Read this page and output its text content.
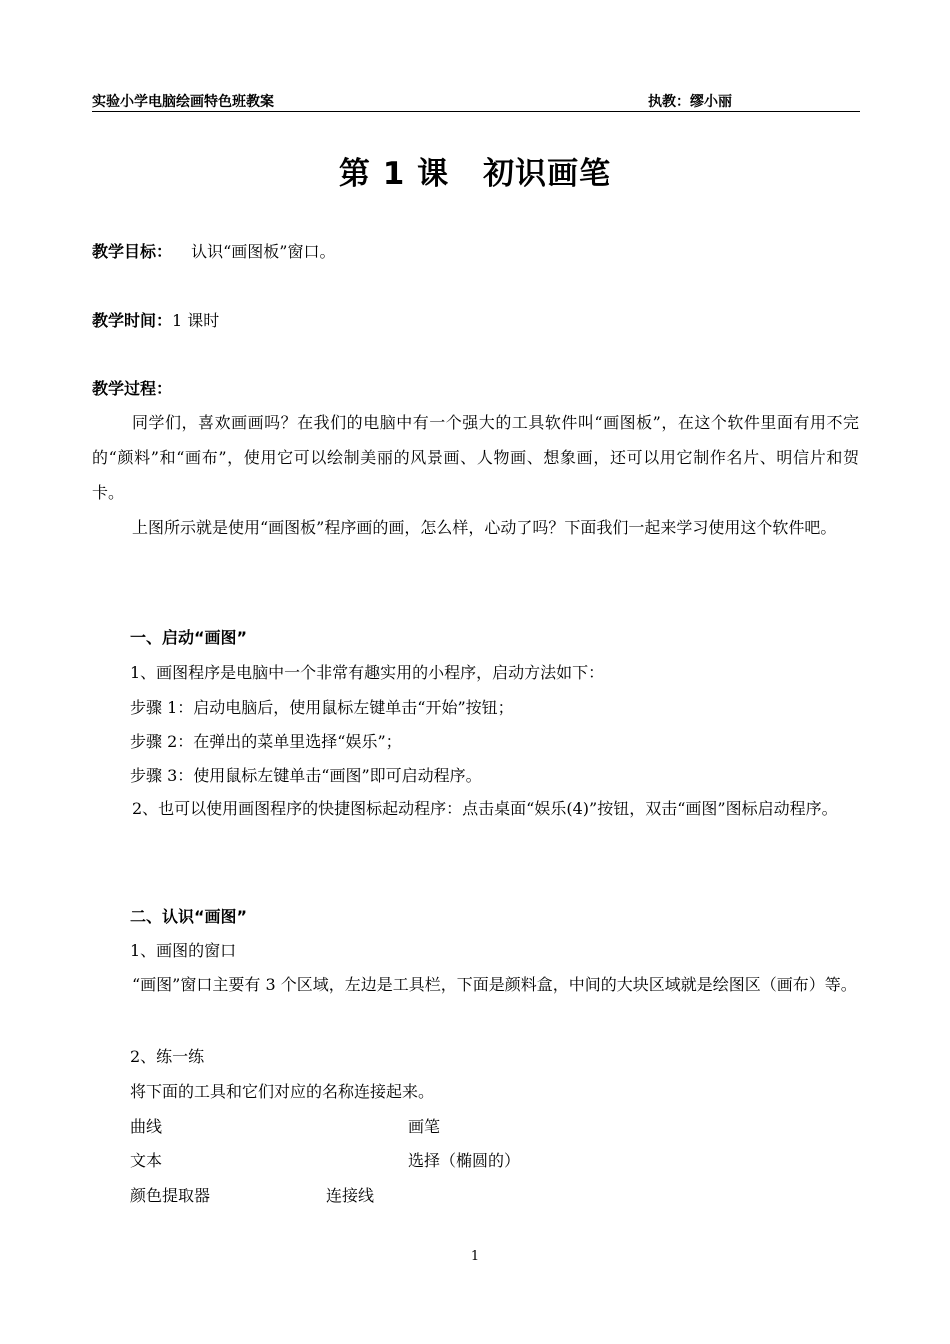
实验小学电脑绘画特色班教案	执教：缪小丽
第 1 课 初识画笔
教学目标： 认识“画图板”窗口。
教学时间：1 课时
教学过程：
同学们，喜欢画画吗？在我们的电脑中有一个强大的工具软件叫“画图板”，在这个软件里面有用不完的“颜料”和“画布”，使用它可以绘制美丽的风景画、人物画、想象画，还可以用它制作名片、明信片和贺卡。
上图所示就是使用“画图板”程序画的画，怎么样，心动了吗？下面我们一起来学习使用这个软件吧。
一、启动“画图”
1、画图程序是电脑中一个非常有趣实用的小程序，启动方法如下：
步骤 1：启动电脑后，使用鼠标左键单击“开始”按钮；
步骤 2：在弹出的菜单里选择“娱乐”；
步骤 3：使用鼠标左键单击“画图”即可启动程序。
2、也可以使用画图程序的快捷图标起动程序：点击桌面“娱乐(4)”按钮，双击“画图”图标启动程序。
二、认识“画图”
1、画图的窗口
“画图”窗口主要有 3 个区域，左边是工具栏，下面是颜料盒，中间的大块区域就是绘图区（画布）等。
2、练一练
将下面的工具和它们对应的名称连接起来。
曲线	画笔
文本	选择（椭圆的）
颜色提取器	连接线
1
